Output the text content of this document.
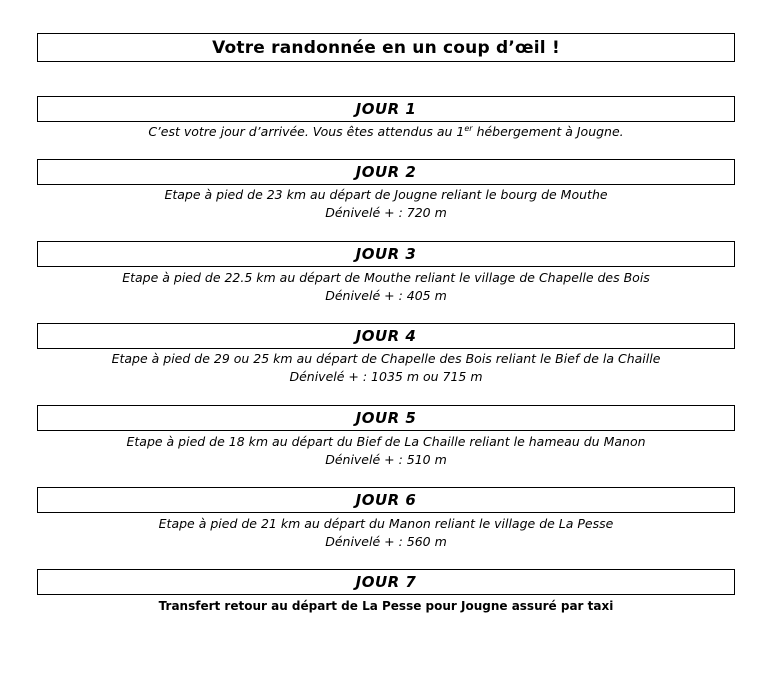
Votre randonnée en un coup d’œil !
JOUR 1
C’est votre jour d’arrivée. Vous êtes attendus au 1er hébergement à Jougne.
JOUR 2
Etape à pied de 23 km au départ de Jougne reliant le bourg de Mouthe
Dénivelé + : 720 m
JOUR 3
Etape à pied de 22.5 km au départ de Mouthe reliant le village de Chapelle des Bois
Dénivelé + : 405 m
JOUR 4
Etape à pied de 29 ou 25 km au départ de Chapelle des Bois reliant le Bief de la Chaille
Dénivelé + : 1035 m ou 715 m
JOUR 5
Etape à pied de 18 km au départ du Bief de La Chaille reliant le hameau du Manon
Dénivelé + : 510 m
JOUR 6
Etape à pied de 21 km au départ du Manon reliant le village de La Pesse
Dénivelé + : 560 m
JOUR 7
Transfert retour au départ de La Pesse pour Jougne assuré par taxi
